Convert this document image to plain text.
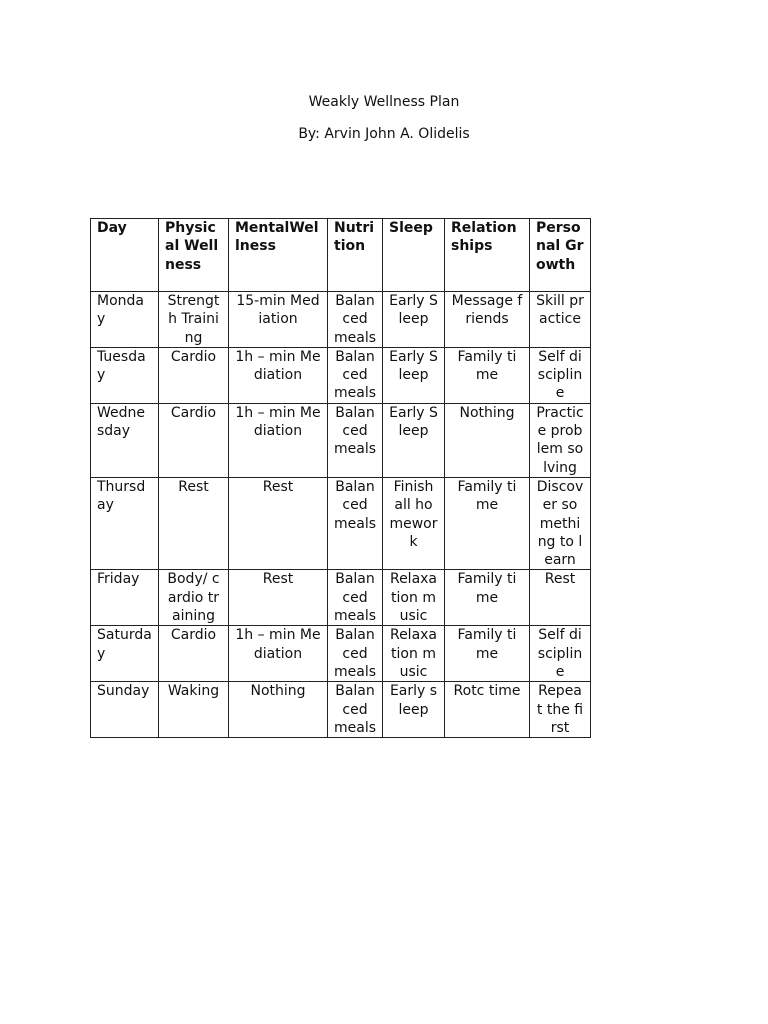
Weakly Wellness Plan
By: Arvin John A. Olidelis
Day	Physical Wellness	MentalWellness	Nutrition	Sleep	Relationships	Personal Growth
Monday	Strength Training	15-min Mediation	Balanced meals	Early Sleep	Message friends	Skill practice
Tuesday	Cardio	1h – min Mediation	Balanced meals	Early Sleep	Family time	Self discipline
Wednesday	Cardio	1h – min Mediation	Balanced meals	Early Sleep	Nothing	Practice problem solving
Thursday	Rest	Rest	Balanced meals	Finish all homework	Family time	Discover something to learn
Friday	Body/ cardio training	Rest	Balanced meals	Relaxation music	Family time	Rest
Saturday	Cardio	1h – min Mediation	Balanced meals	Relaxation music	Family time	Self discipline
Sunday	Waking	Nothing	Balanced meals	Early sleep	Rotc time	Repeat the first
